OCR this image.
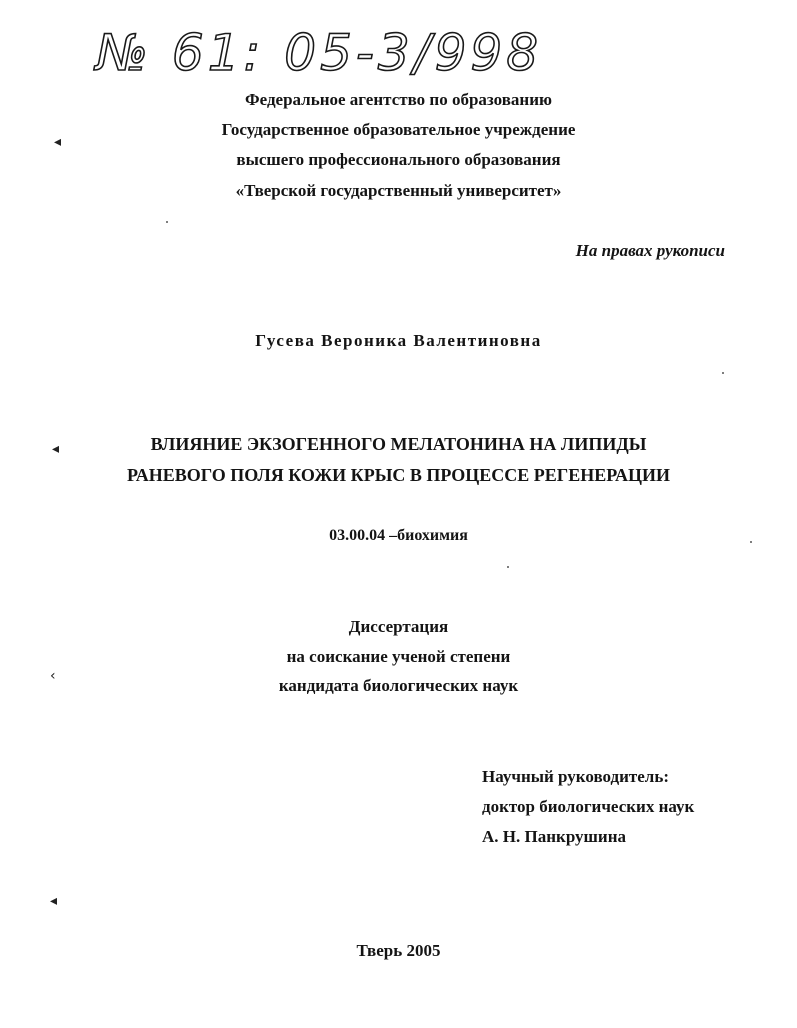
№ 61: 05-3/998
Федеральное агентство по образованию
Государственное образовательное учреждение
высшего профессионального образования
«Тверской государственный университет»
На правах рукописи
Гусева Вероника Валентиновна
ВЛИЯНИЕ ЭКЗОГЕННОГО МЕЛАТОНИНА НА ЛИПИДЫ
РАНЕВОГО ПОЛЯ КОЖИ КРЫС В ПРОЦЕССЕ РЕГЕНЕРАЦИИ
03.00.04 –биохимия
Диссертация
на соискание ученой степени
кандидата биологических наук
Научный руководитель:
доктор биологических наук
А. Н. Панкрушина
Тверь 2005
◂
◂
‹
◂
